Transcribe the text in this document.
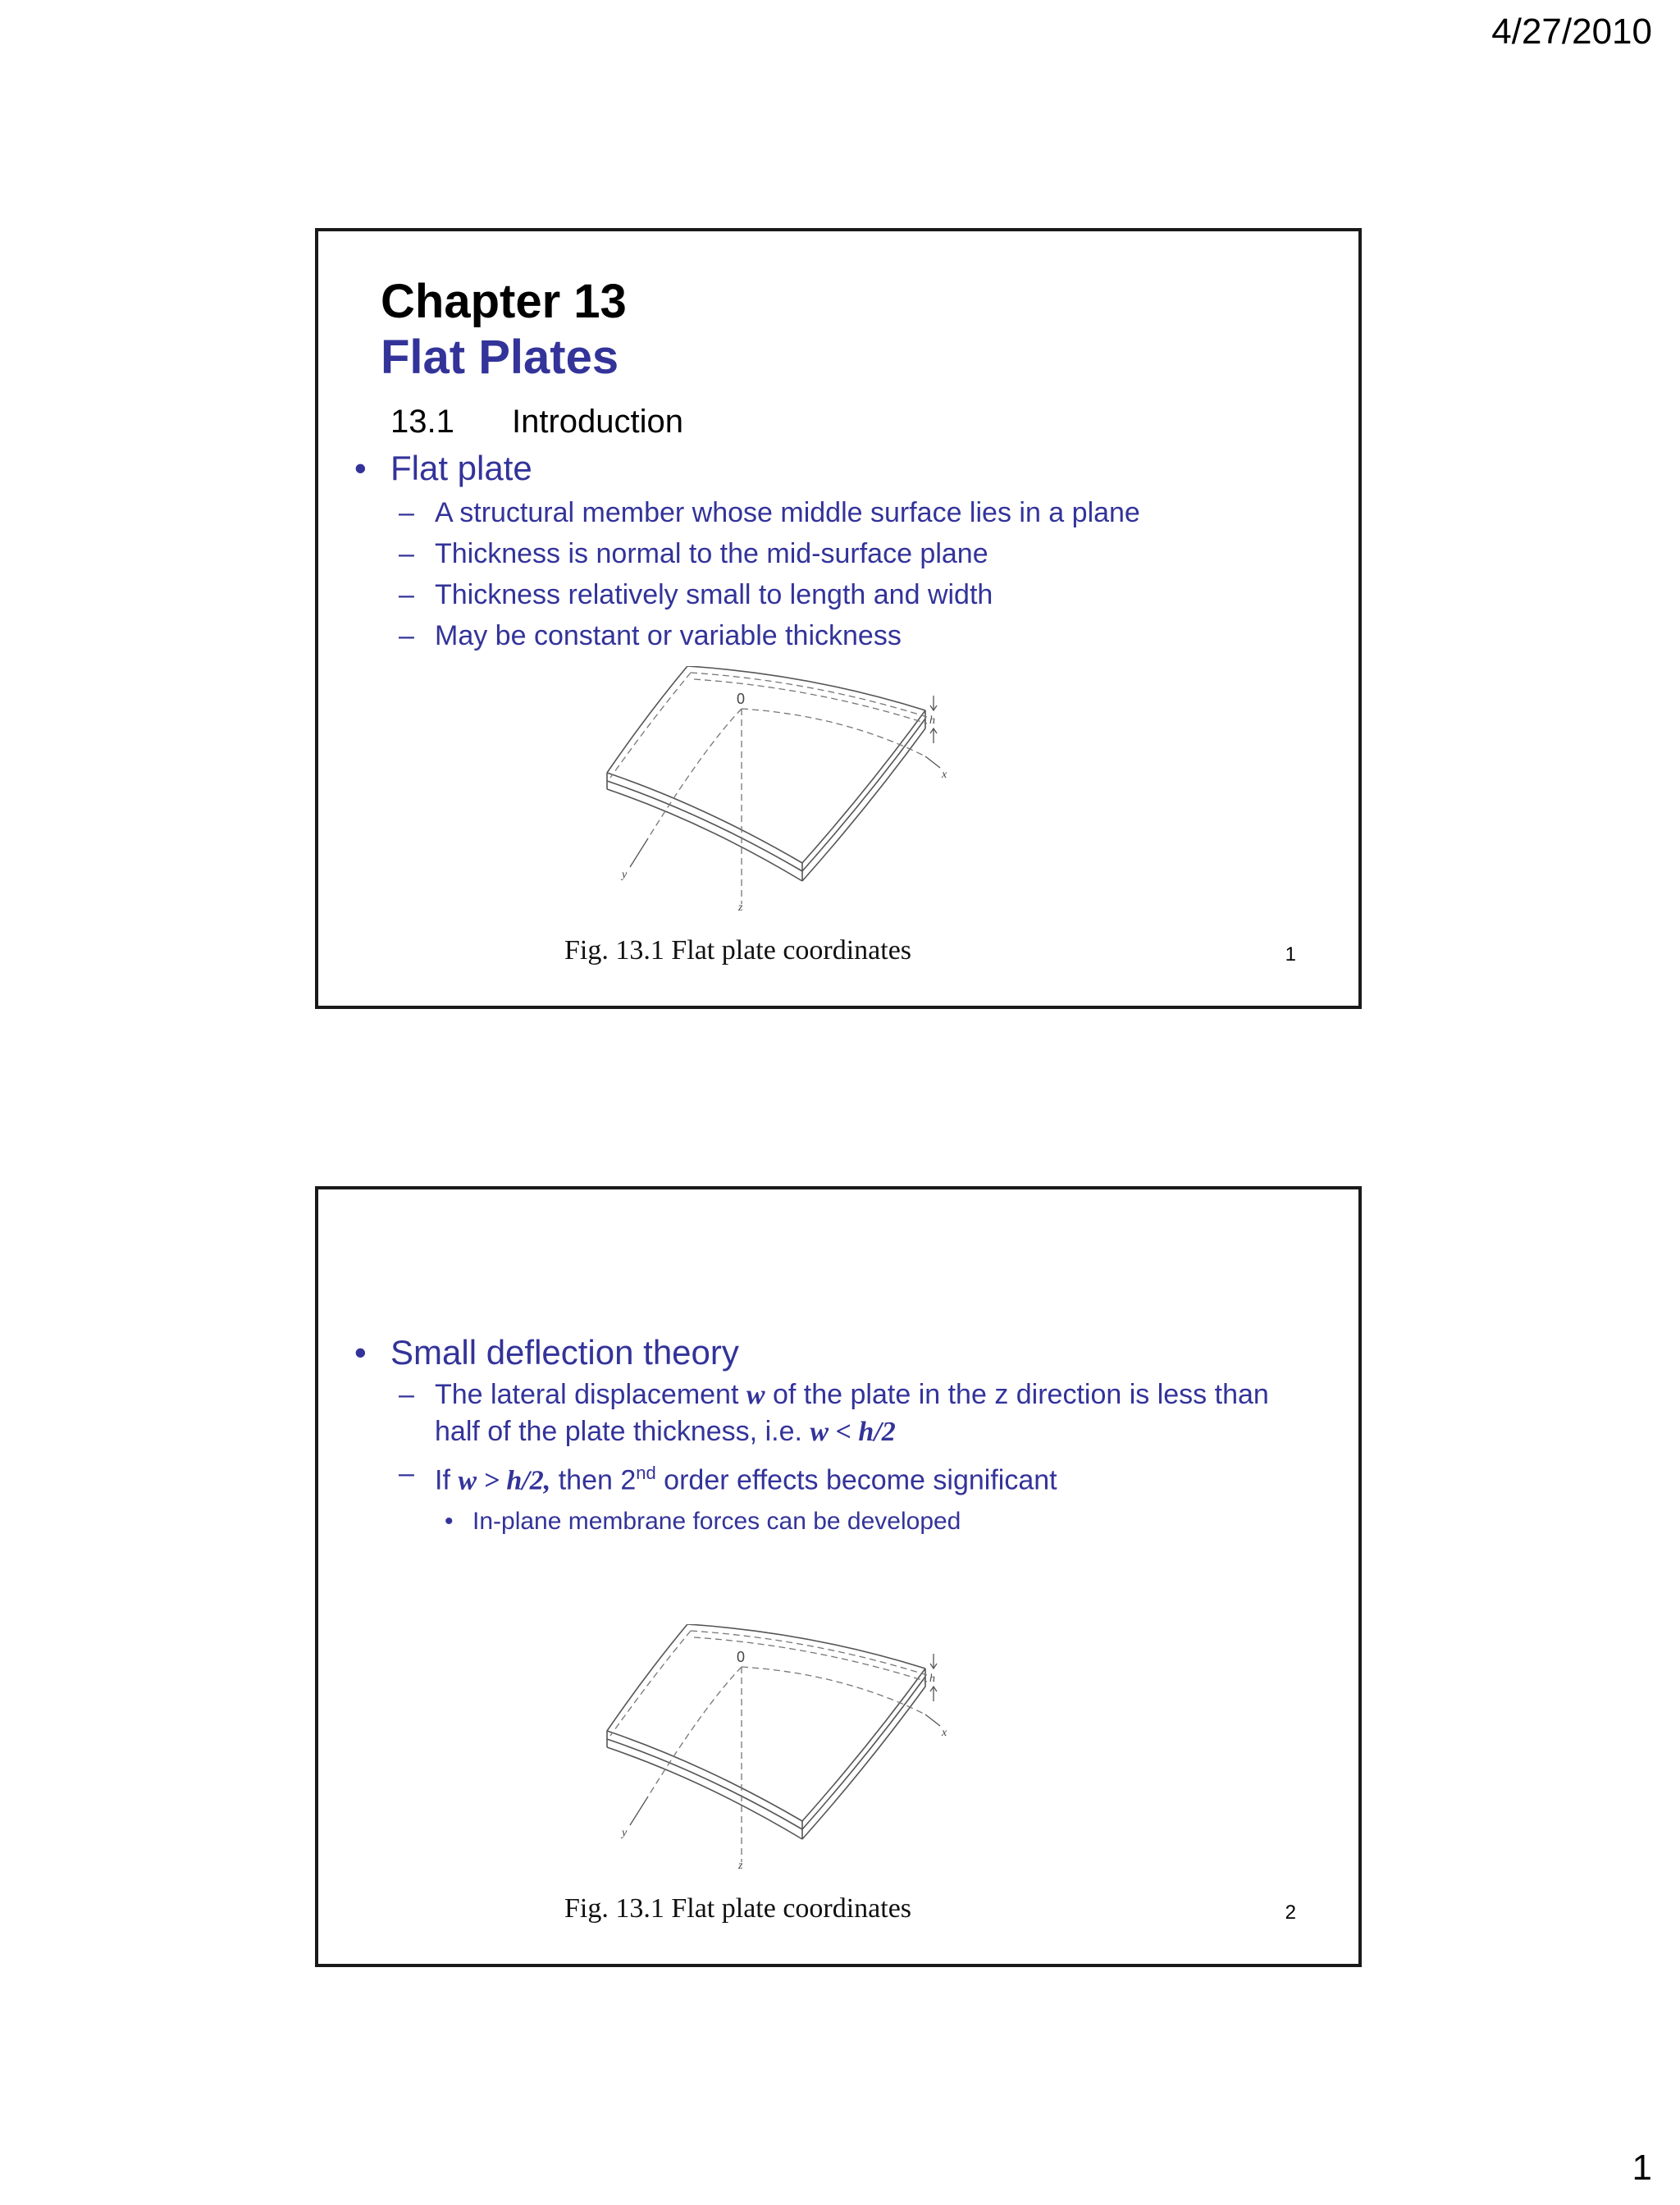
4/27/2010
Chapter 13
Flat Plates
13.1 Introduction
• Flat plate
– A structural member whose middle surface lies in a plane
– Thickness is normal to the mid-surface plane
– Thickness relatively small to length and width
– May be constant or variable thickness
0
h
x
y
z
Fig. 13.1 Flat plate coordinates	1
• Small deflection theory
– The lateral displacement w of the plate in the z direction is less than half of the plate thickness, i.e. w < h/2
– If w > h/2, then 2nd order effects become significant
• In-plane membrane forces can be developed
0
h
x
y
z
Fig. 13.1 Flat plate coordinates	2
1
